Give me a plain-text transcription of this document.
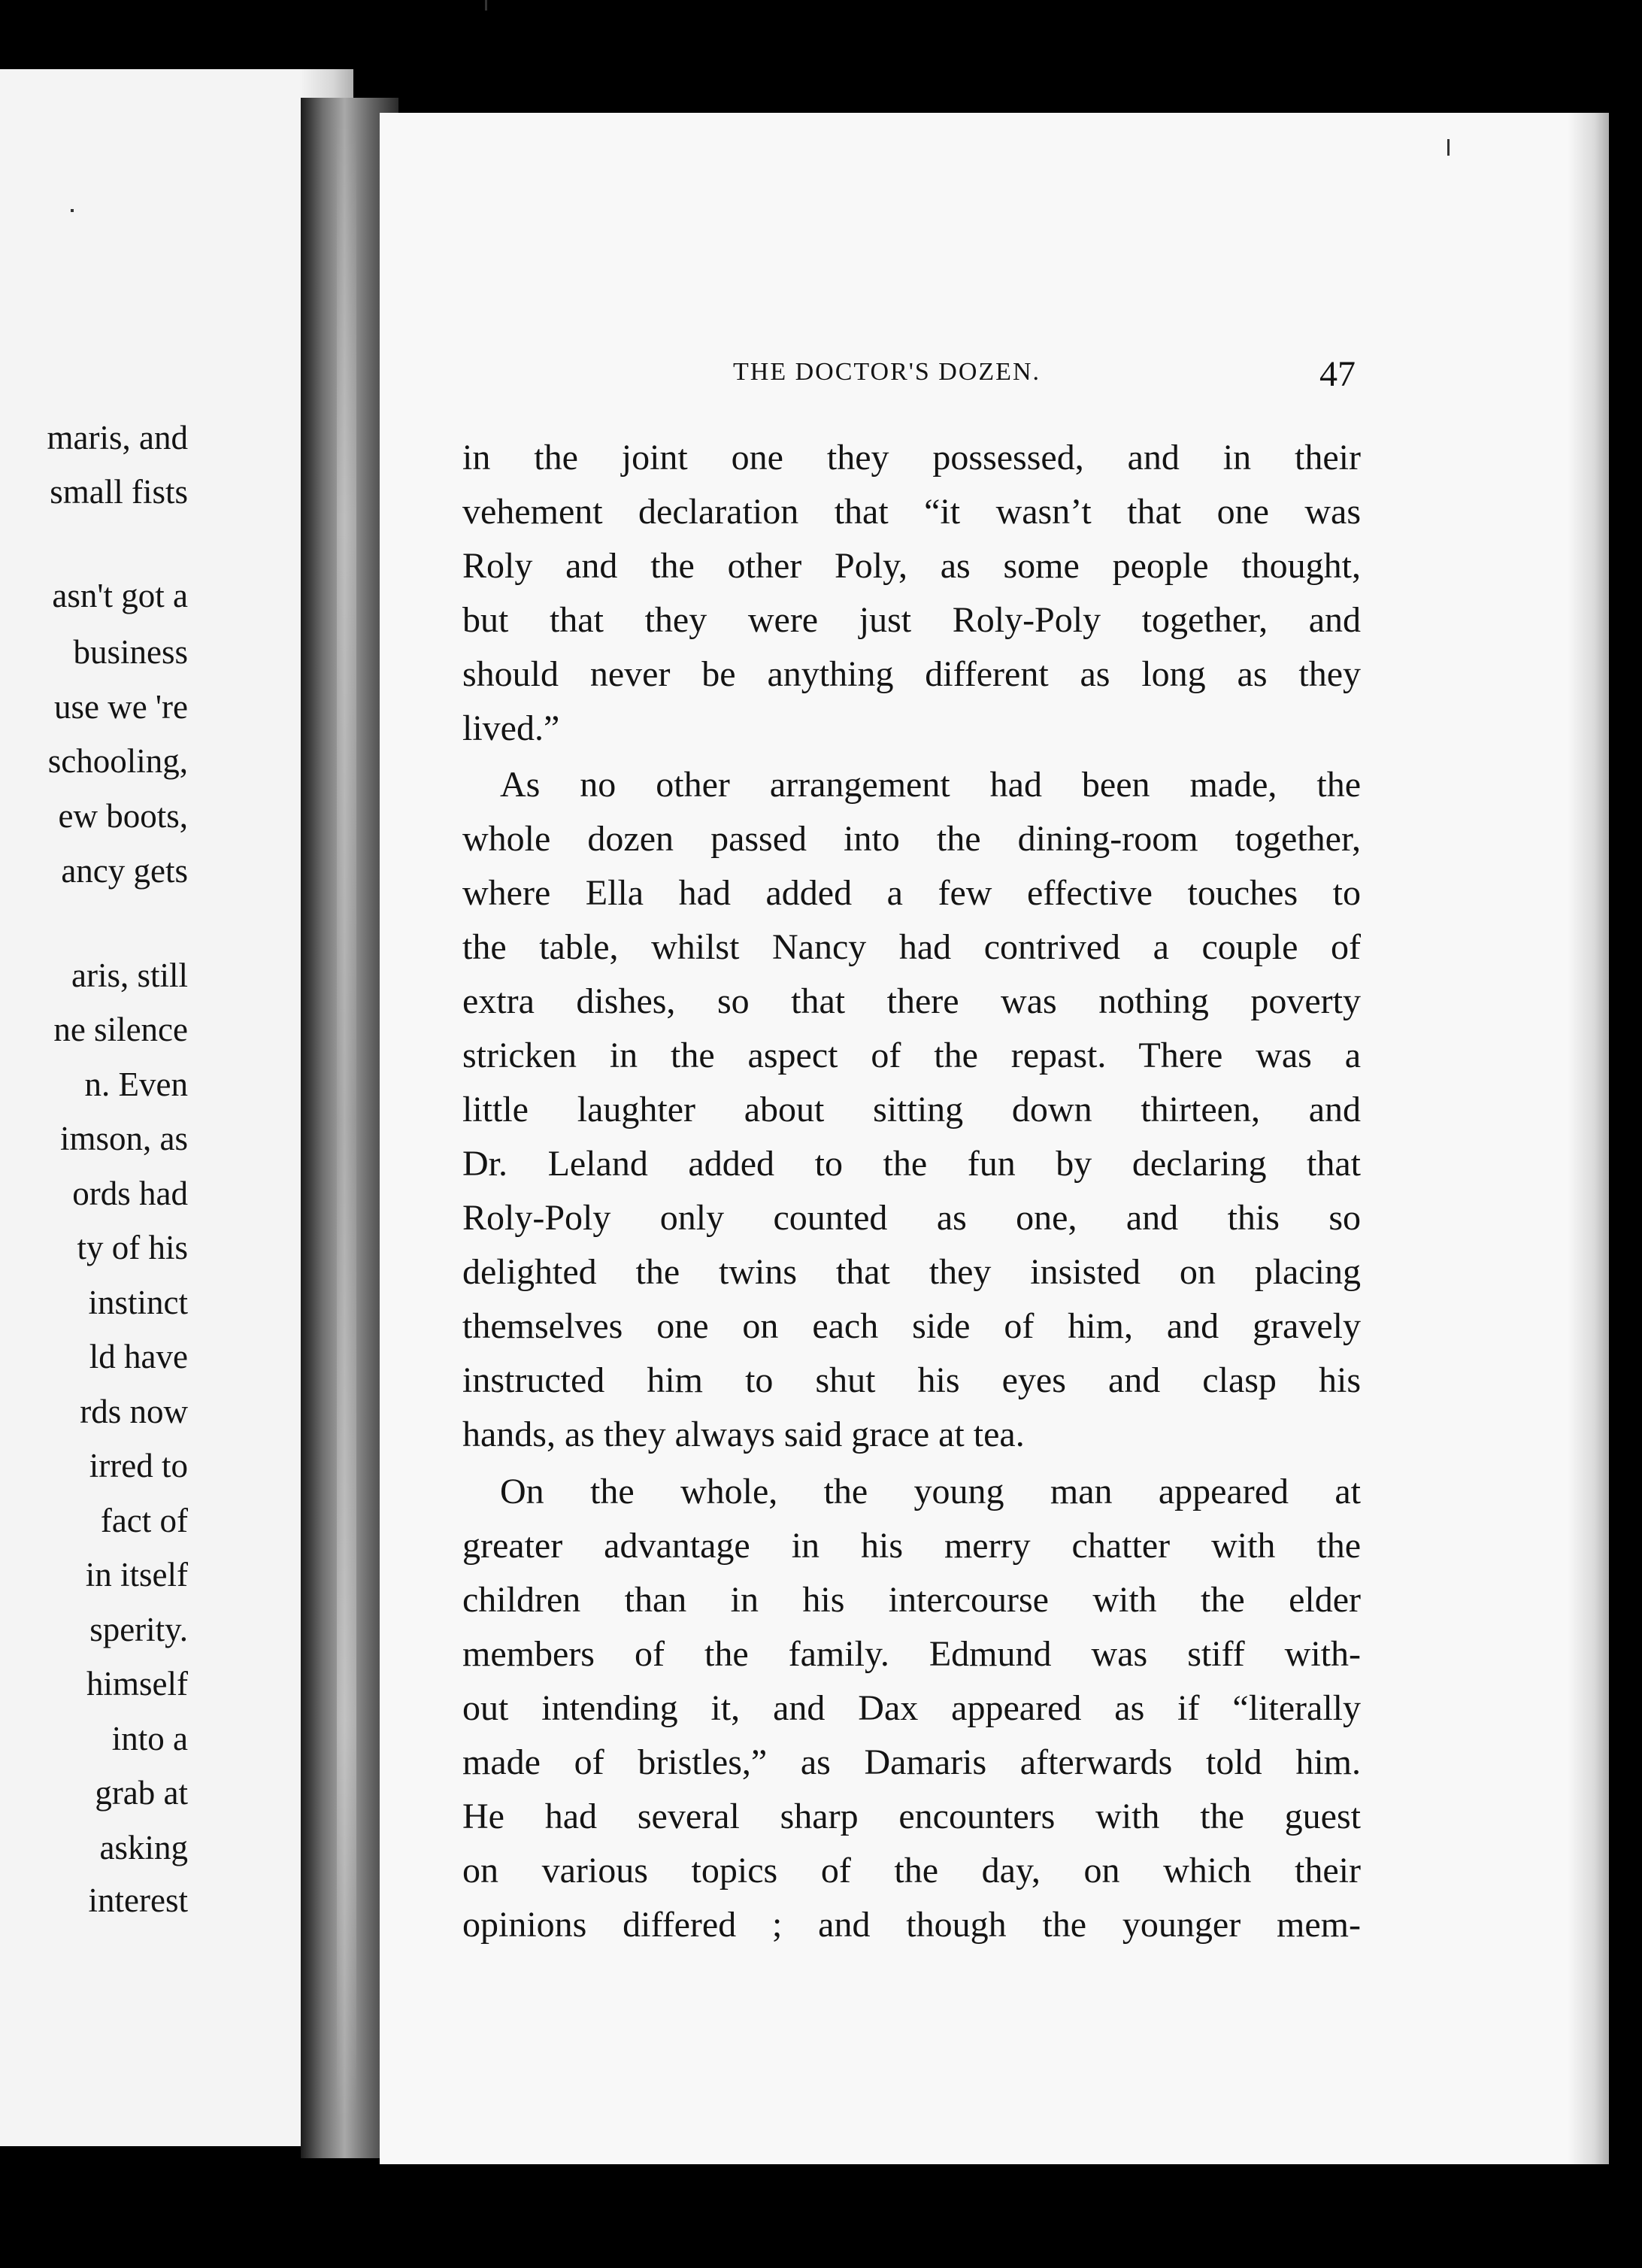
maris, and
small fists
asn't got a
business
use we 're
schooling,
ew boots,
ancy gets
aris, still
ne silence
n. Even
imson, as
ords had
ty of his
instinct
ld have
rds now
irred to
fact of
in itself
sperity.
himself
into a
grab at
asking
interest
THE DOCTOR'S DOZEN.	47
in the joint one they possessed, and in their
vehement declaration that “it wasn’t that one was
Roly and the other Poly, as some people thought,
but that they were just Roly-Poly together, and
should never be anything different as long as they
lived.”
As no other arrangement had been made, the
whole dozen passed into the dining-room together,
where Ella had added a few effective touches to
the table, whilst Nancy had contrived a couple of
extra dishes, so that there was nothing poverty
stricken in the aspect of the repast. There was a
little laughter about sitting down thirteen, and
Dr. Leland added to the fun by declaring that
Roly-Poly only counted as one, and this so
delighted the twins that they insisted on placing
themselves one on each side of him, and gravely
instructed him to shut his eyes and clasp his
hands, as they always said grace at tea.
On the whole, the young man appeared at
greater advantage in his merry chatter with the
children than in his intercourse with the elder
members of the family. Edmund was stiff with-
out intending it, and Dax appeared as if “literally
made of bristles,” as Damaris afterwards told him.
He had several sharp encounters with the guest
on various topics of the day, on which their
opinions differed ; and though the younger mem-
